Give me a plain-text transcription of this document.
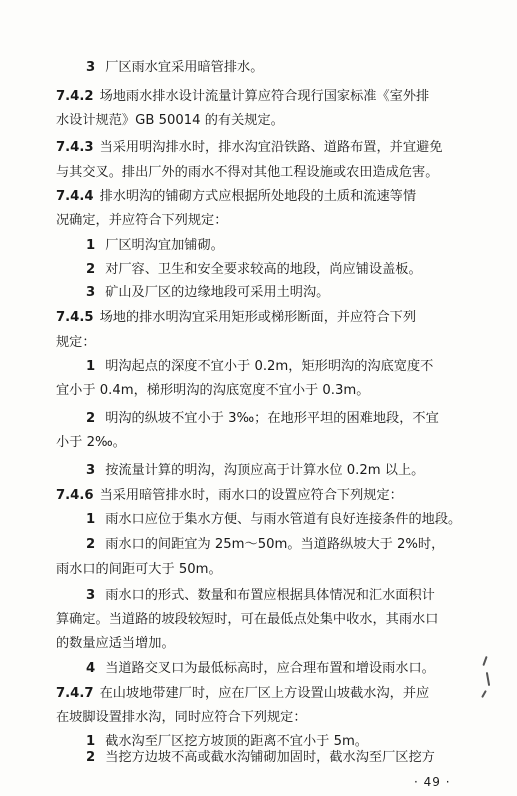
3 厂区雨水宜采用暗管排水。
7.4.2 场地雨水排水设计流量计算应符合现行国家标准《室外排
水设计规范》GB 50014 的有关规定。
7.4.3 当采用明沟排水时，排水沟宜沿铁路、道路布置，并宜避免
与其交叉。排出厂外的雨水不得对其他工程设施或农田造成危害。
7.4.4 排水明沟的铺砌方式应根据所处地段的土质和流速等情
况确定，并应符合下列规定：
1 厂区明沟宜加铺砌。
2 对厂容、卫生和安全要求较高的地段，尚应铺设盖板。
3 矿山及厂区的边缘地段可采用土明沟。
7.4.5 场地的排水明沟宜采用矩形或梯形断面，并应符合下列
规定：
1 明沟起点的深度不宜小于 0.2m，矩形明沟的沟底宽度不
宜小于 0.4m，梯形明沟的沟底宽度不宜小于 0.3m。
2 明沟的纵坡不宜小于 3‰；在地形平坦的困难地段，不宜
小于 2‰。
3 按流量计算的明沟，沟顶应高于计算水位 0.2m 以上。
7.4.6 当采用暗管排水时，雨水口的设置应符合下列规定：
1 雨水口应位于集水方便、与雨水管道有良好连接条件的地段。
2 雨水口的间距宜为 25m～50m。当道路纵坡大于 2%时，
雨水口的间距可大于 50m。
3 雨水口的形式、数量和布置应根据具体情况和汇水面积计
算确定。当道路的坡段较短时，可在最低点处集中收水，其雨水口
的数量应适当增加。
4 当道路交叉口为最低标高时，应合理布置和增设雨水口。
7.4.7 在山坡地带建厂时，应在厂区上方设置山坡截水沟，并应
在坡脚设置排水沟，同时应符合下列规定：
1 截水沟至厂区挖方坡顶的距离不宜小于 5m。
2 当挖方边坡不高或截水沟铺砌加固时，截水沟至厂区挖方
· 49 ·
